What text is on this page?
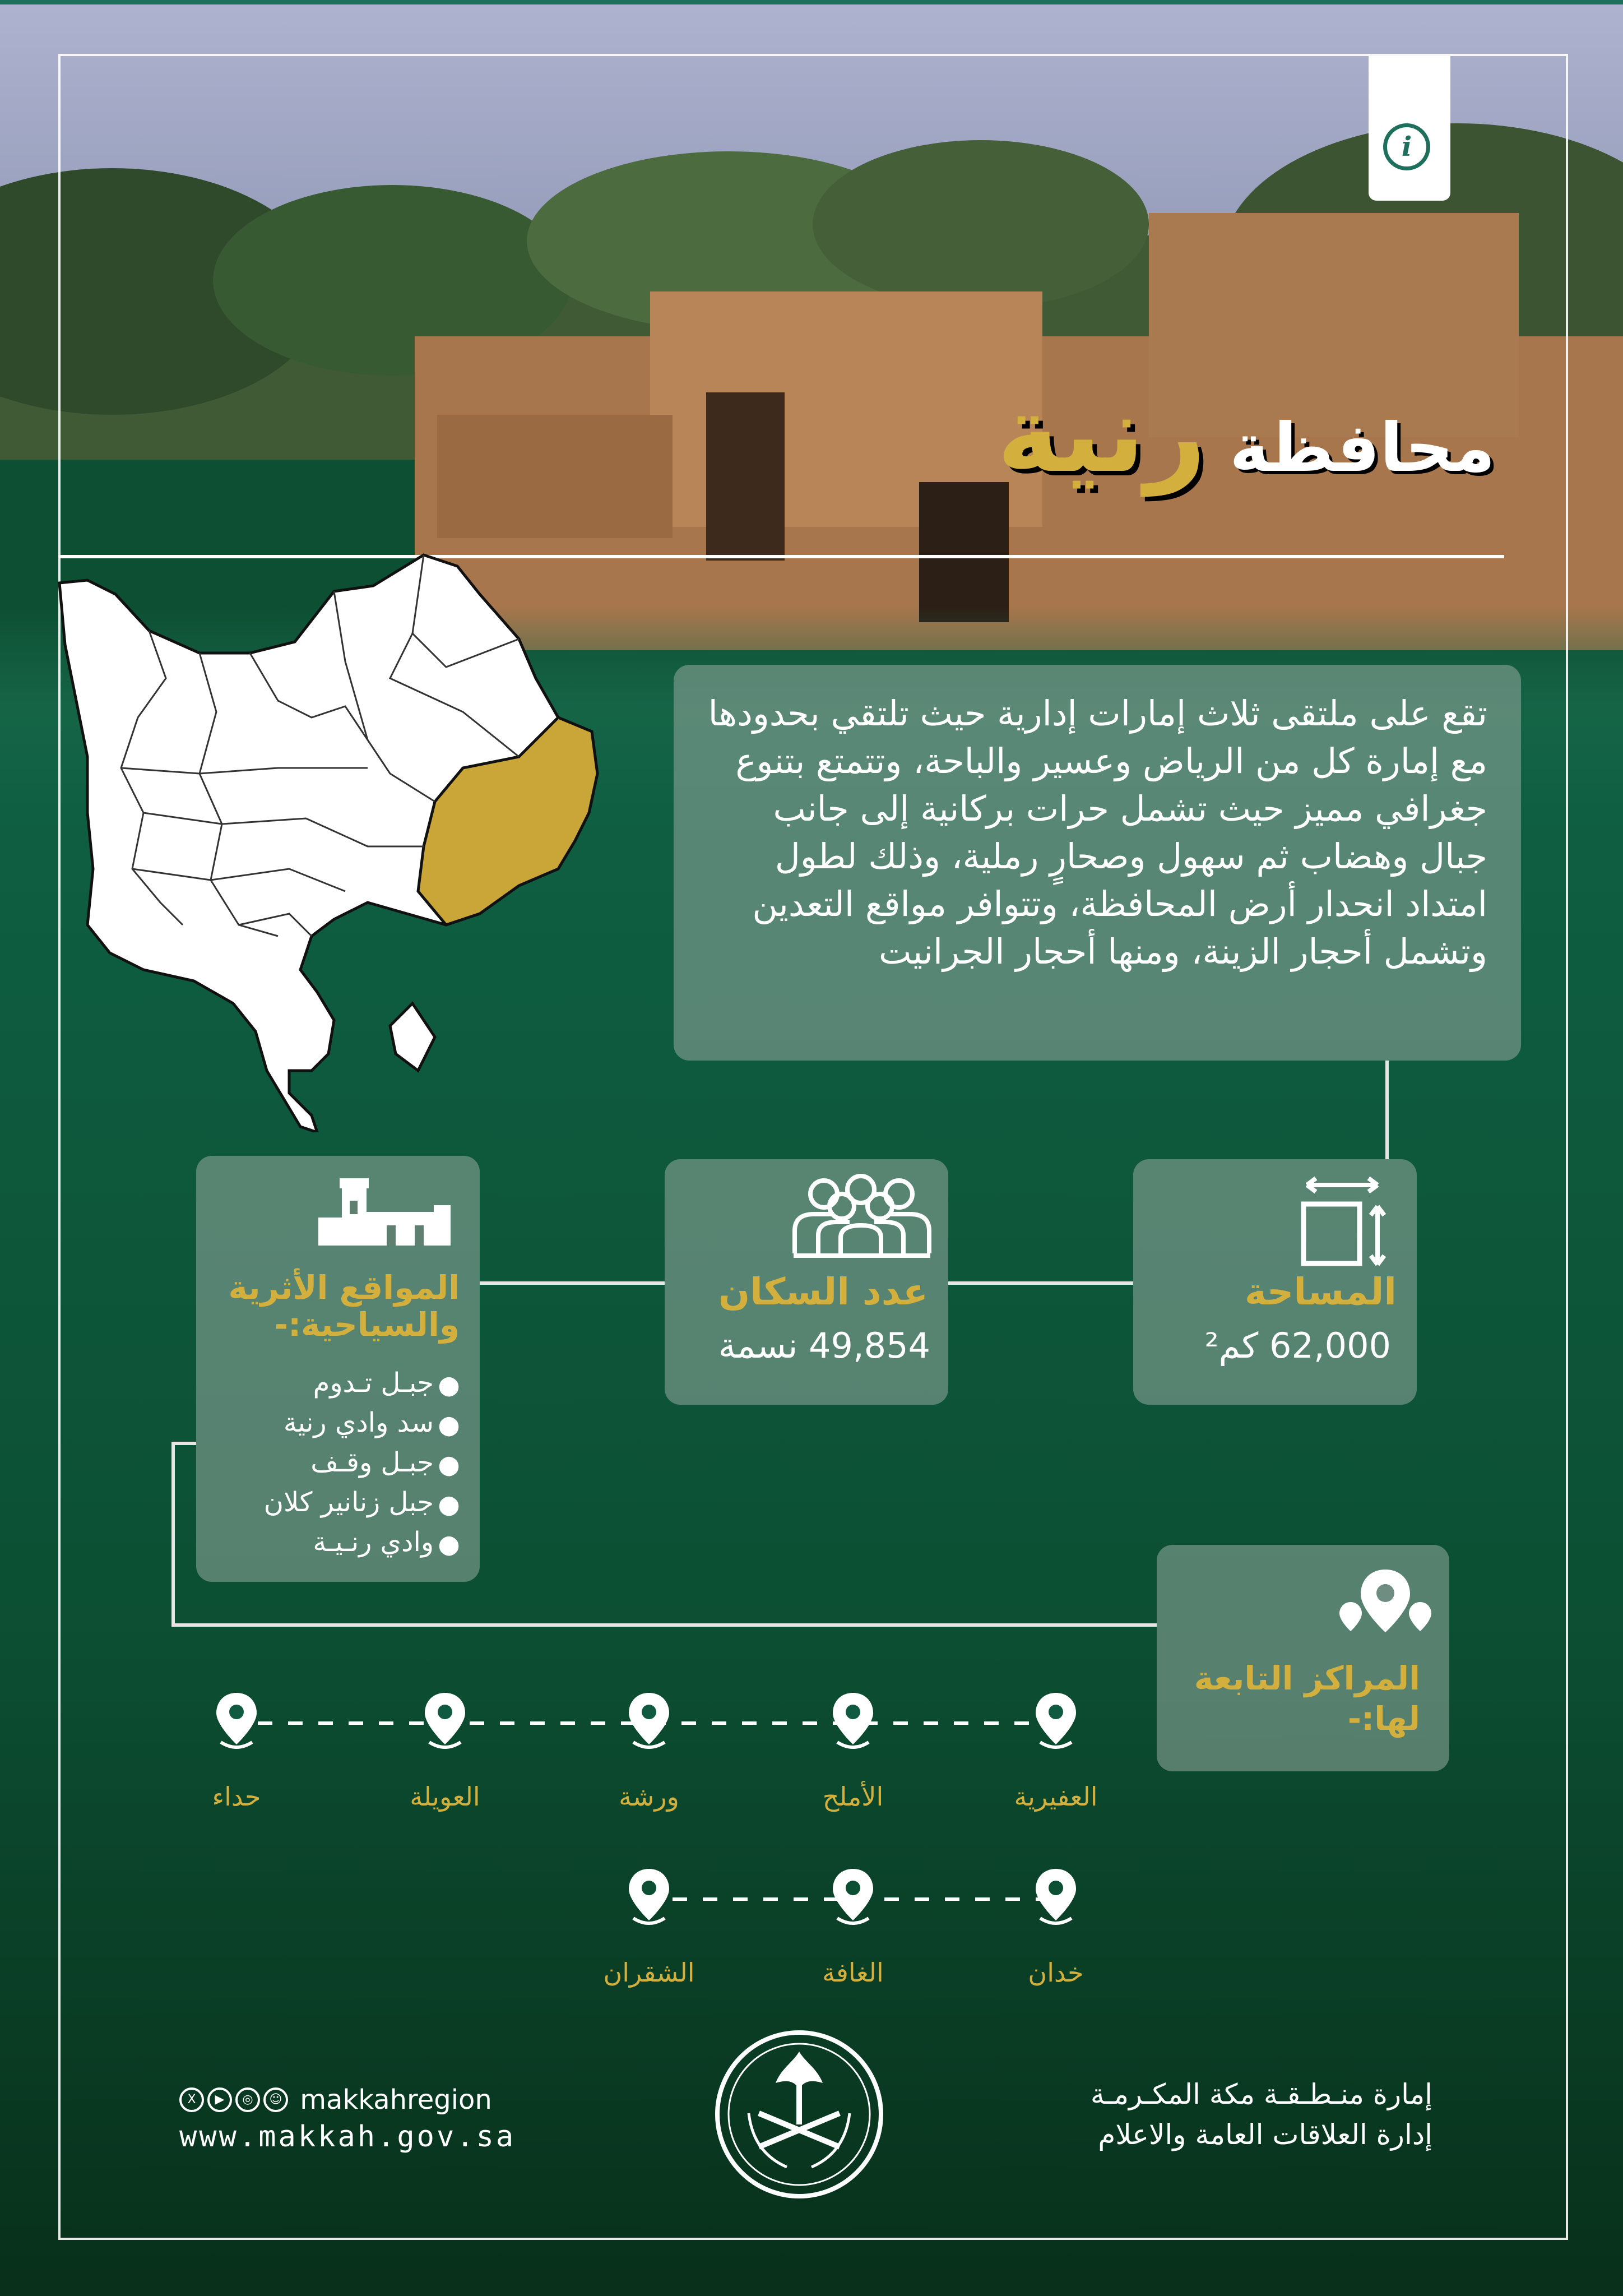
i
محافظة رنية
تقع على ملتقى ثلاث إمارات إدارية حيث تلتقي بحدودها مع إمارة كل من الرياض وعسير والباحة، وتتمتع بتنوع جغرافي مميز حيث تشمل حرات بركانية إلى جانب جبال وهضاب ثم سهول وصحارٍ رملية، وذلك لطول امتداد انحدار أرض المحافظة، وتتوافر مواقع التعدين وتشمل أحجار الزينة، ومنها أحجار الجرانيت
المساحة
62,000 كم²
عدد السكان
49,854 نسمة
المواقع الأثرية والسياحية:-
⬤جبـل تـدوم
⬤سد وادي رنية
⬤جبـل وقـف
⬤جبل زنانير كلان
⬤وادي رنـيـة
المراكز التابعة لها:-
العفيرية
الأملح
ورشة
العويلة
حداء
خدان
الغافة
الشقران
X ▶ ◎ ☺ makkahregion
www.makkah.gov.sa
إمارة منـطـقـة مكة المكـرمـة
إدارة العلاقات العامة والاعلام
